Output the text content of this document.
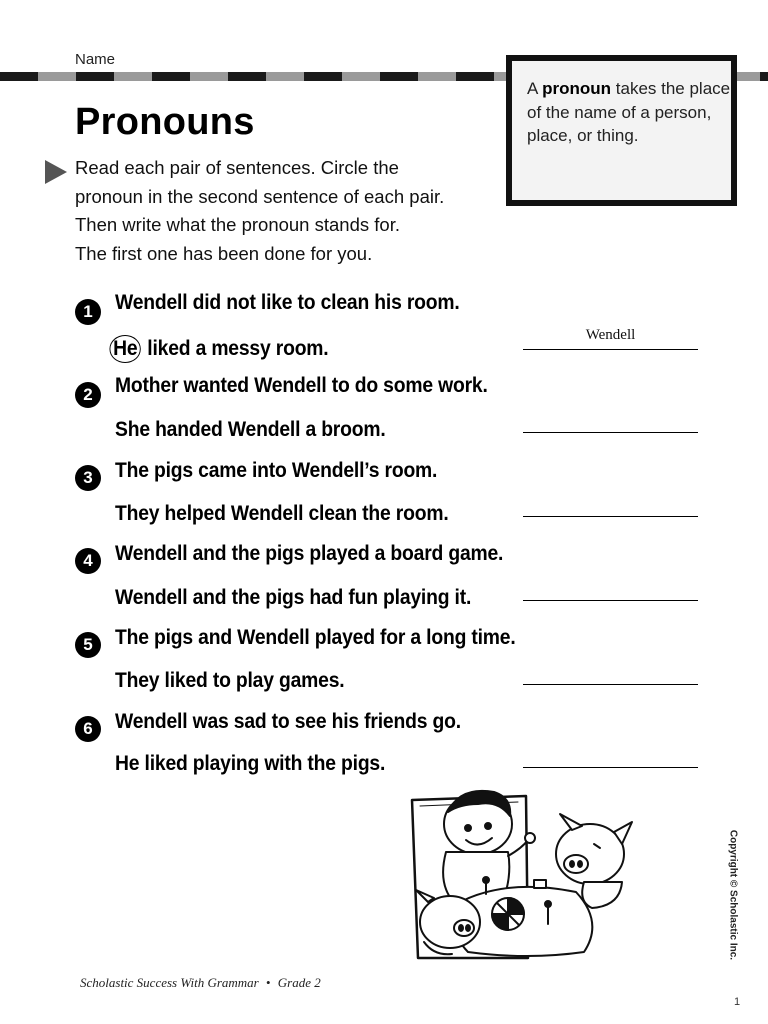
Name
A pronoun takes the place of the name of a person, place, or thing.
Pronouns
Read each pair of sentences. Circle the
pronoun in the second sentence of each pair.
Then write what the pronoun stands for.
The first one has been done for you.
1	Wendell did not like to clean his room.
He liked a messy room.
Wendell
2	Mother wanted Wendell to do some work.
She handed Wendell a broom.
3	The pigs came into Wendell’s room.
They helped Wendell clean the room.
4	Wendell and the pigs played a board game.
Wendell and the pigs had fun playing it.
5	The pigs and Wendell played for a long time.
They liked to play games.
6	Wendell was sad to see his friends go.
He liked playing with the pigs.
Copyright © Scholastic Inc.
Scholastic Success With Grammar • Grade 2
1
